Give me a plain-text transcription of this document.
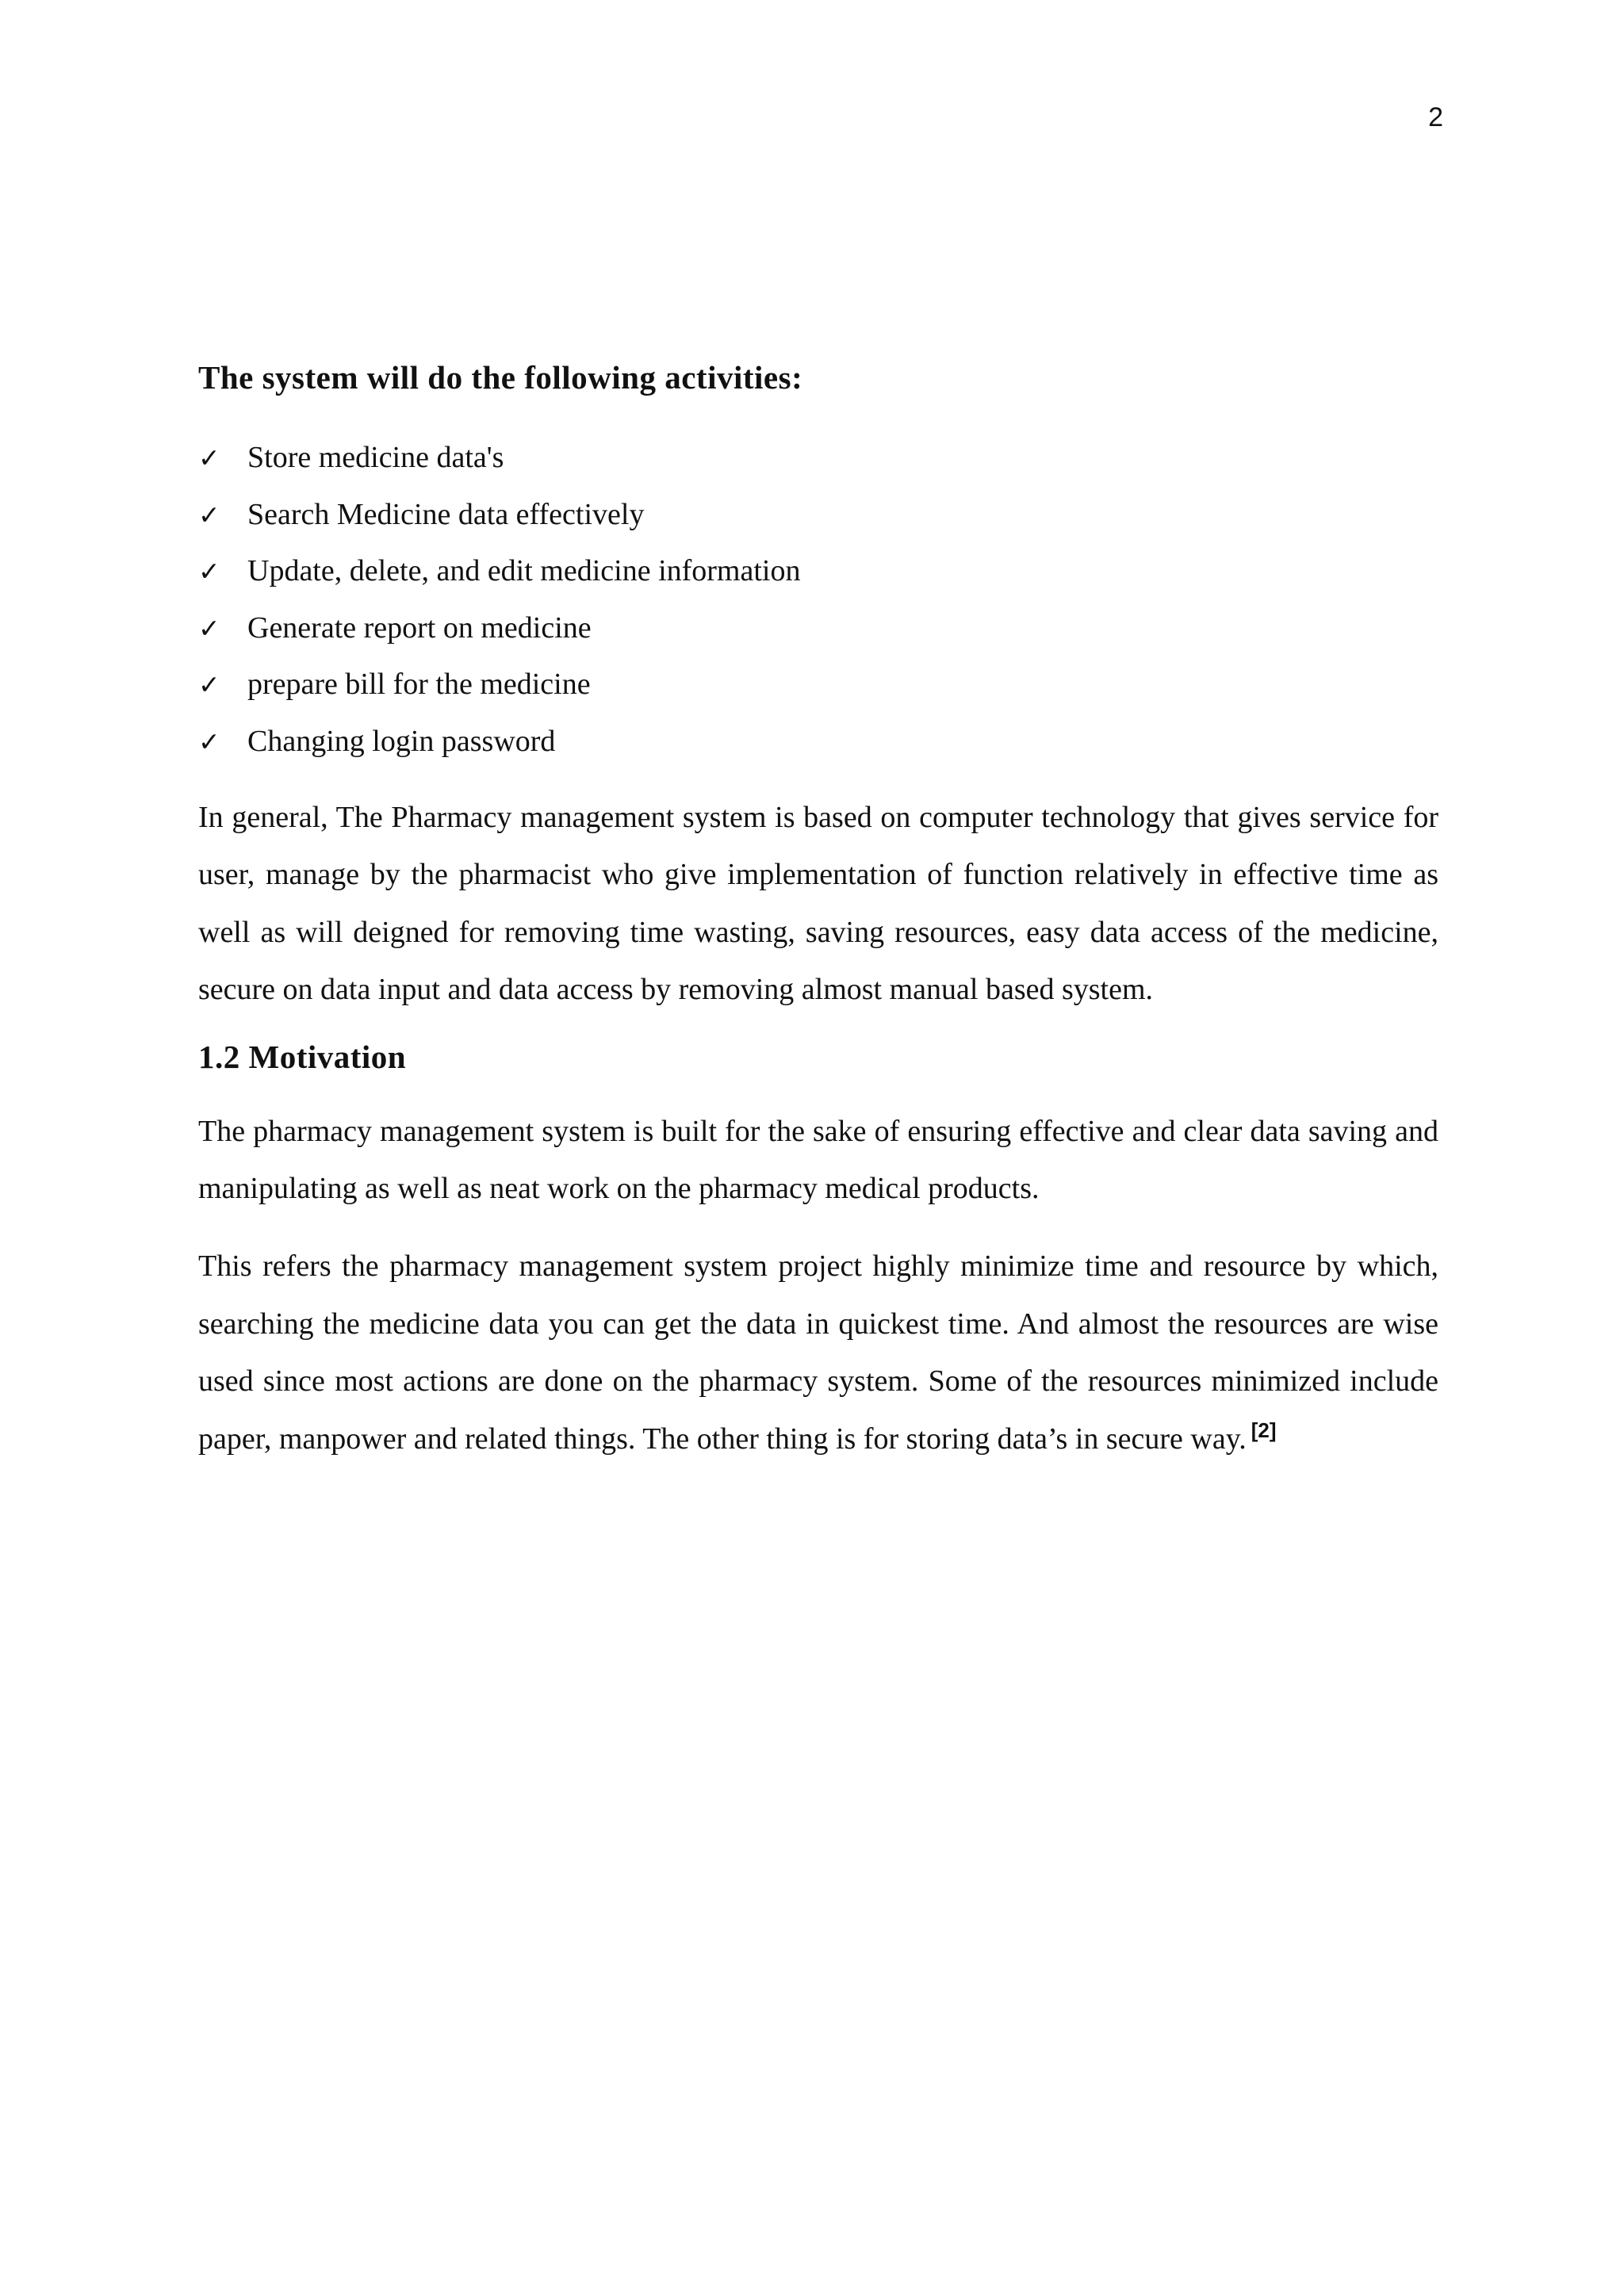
2
The system will do the following activities:
✓ Store medicine data's
✓ Search Medicine data effectively
✓ Update, delete, and edit medicine information
✓ Generate report on medicine
✓ prepare bill for the medicine
✓ Changing login password

In general, The Pharmacy management system is based on computer technology that gives service for user, manage by the pharmacist who give implementation of function relatively in effective time as well as will deigned for removing time wasting, saving resources, easy data access of the medicine, secure on data input and data access by removing almost manual based system.

1.2 Motivation

The pharmacy management system is built for the sake of ensuring effective and clear data saving and manipulating as well as neat work on the pharmacy medical products.

This refers the pharmacy management system project highly minimize time and resource by which, searching the medicine data you can get the data in quickest time. And almost the resources are wise used since most actions are done on the pharmacy system. Some of the resources minimized include paper, manpower and related things. The other thing is for storing data’s in secure way. [2]
